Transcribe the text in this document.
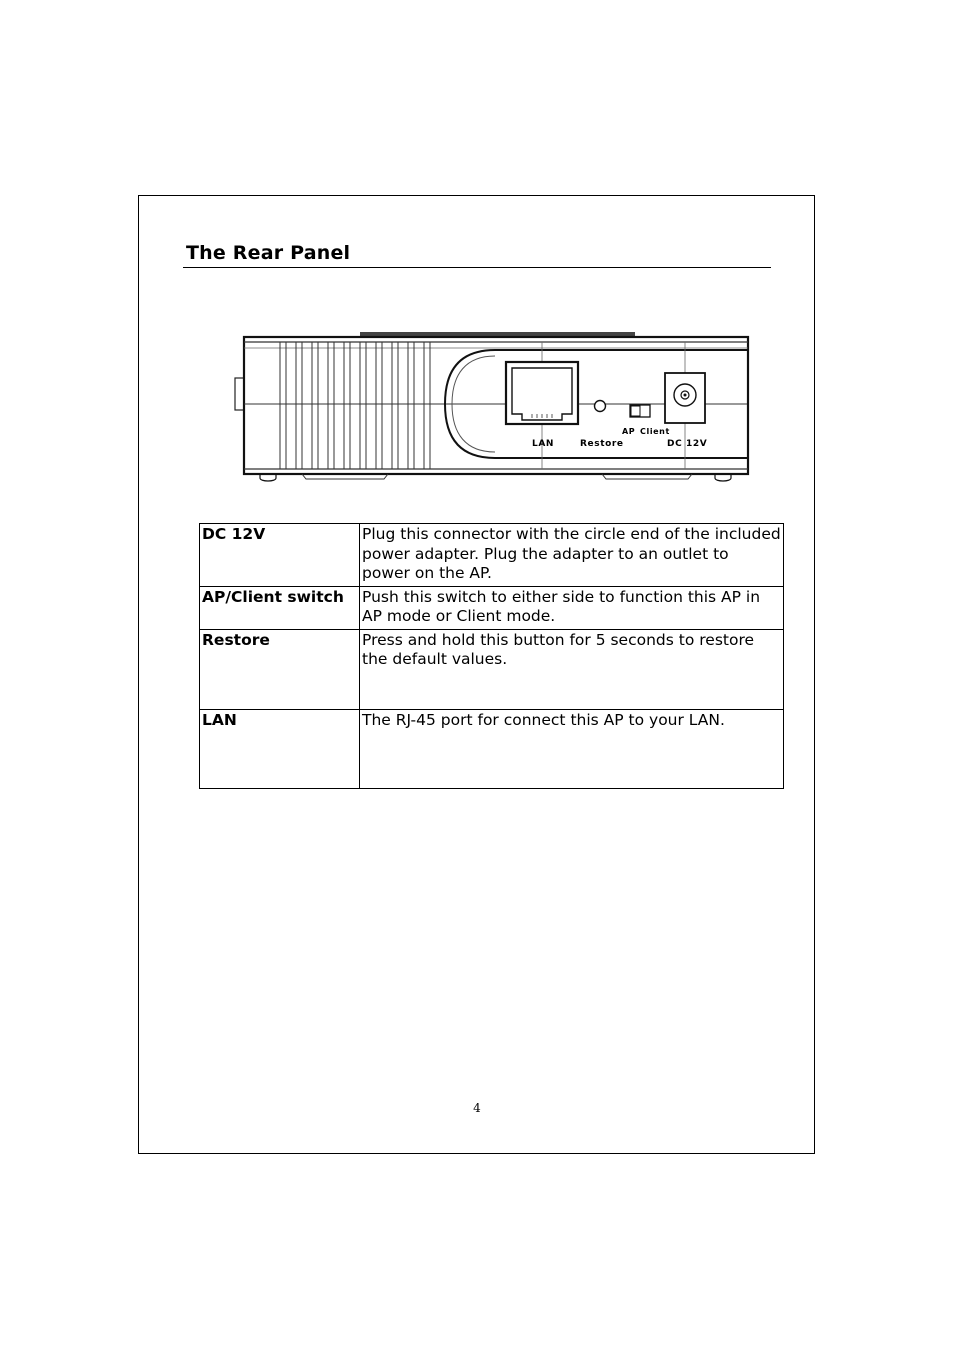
The Rear Panel
AP Client
LAN	Restore	DC 12V
DC 12V	Plug this connector with the circle end of the included power adapter. Plug the adapter to an outlet to power on the AP.
AP/Client switch	Push this switch to either side to function this AP in AP mode or Client mode.
Restore	Press and hold this button for 5 seconds to restore the default values.
LAN	The RJ-45 port for connect this AP to your LAN.
4
